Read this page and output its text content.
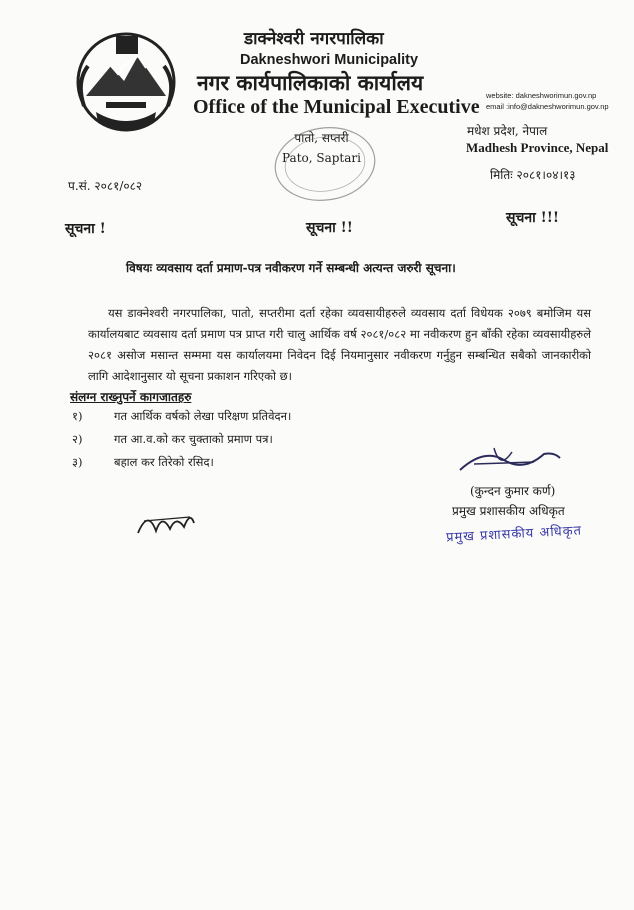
डाक्नेश्वरी नगरपालिका
Dakneshwori Municipality
नगर कार्यपालिकाको कार्यालय
Office of the Municipal Executive
पातो, सप्तरी
Pato, Saptari
website: dakneshworimun.gov.np
email :info@dakneshworimun.gov.np
मधेश प्रदेश, नेपाल
Madhesh Province, Nepal
प.सं. २०८१/०८२
मितिः २०८१।०४।१३
सूचना !	सूचना !!
सूचना !!!
विषयः व्यवसाय दर्ता प्रमाण-पत्र नवीकरण गर्ने सम्बन्धी अत्यन्त जरुरी सूचना।
यस डाक्नेश्वरी नगरपालिका, पातो, सप्तरीमा दर्ता रहेका व्यवसायीहरुले व्यवसाय दर्ता विधेयक २०७९ बमोजिम यस कार्यालयबाट व्यवसाय दर्ता प्रमाण पत्र प्राप्त गरी चालु आर्थिक वर्ष २०८१/०८२ मा नवीकरण हुन बाँकी रहेका व्यवसायीहरुले २०८१ असोज मसान्त सम्ममा यस कार्यालयमा निवेदन दिई नियमानुसार नवीकरण गर्नुहुन सम्बन्धित सबैको जानकारीको लागि आदेशानुसार यो सूचना प्रकाशन गरिएको छ।
संलग्न राख्नुपर्ने कागजातहरु
१)	गत आर्थिक वर्षको लेखा परिक्षण प्रतिवेदन।
२)	गत आ.व.को कर चुक्ताको प्रमाण पत्र।
३)	बहाल कर तिरेको रसिद।
(कुन्दन कुमार कर्ण)
प्रमुख प्रशासकीय अधिकृत
प्रमुख प्रशासकीय अधिकृत
